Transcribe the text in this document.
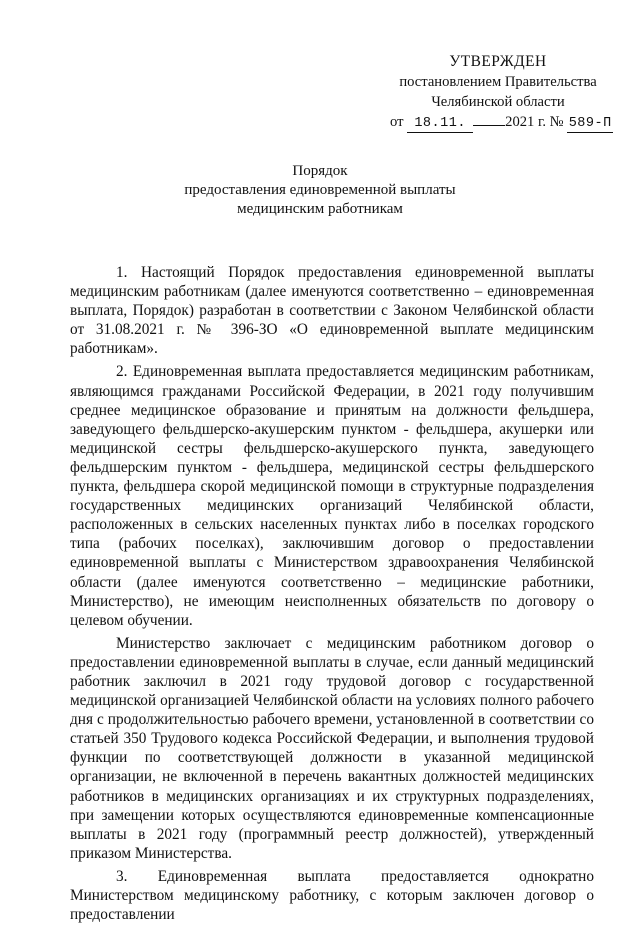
УТВЕРЖДЕН
постановлением Правительства
Челябинской области
от 18.11.	2021 г. № 589-П
Порядок
предоставления единовременной выплаты
медицинским работникам

1. Настоящий Порядок предоставления единовременной выплаты медицинским работникам (далее именуются соответственно – единовременная выплата, Порядок) разработан в соответствии с Законом Челябинской области от 31.08.2021 г. № 396-ЗО «О единовременной выплате медицинским работникам».

2. Единовременная выплата предоставляется медицинским работникам, являющимся гражданами Российской Федерации, в 2021 году получившим среднее медицинское образование и принятым на должности фельдшера, заведующего фельдшерско-акушерским пунктом - фельдшера, акушерки или медицинской сестры фельдшерско-акушерского пункта, заведующего фельдшерским пунктом - фельдшера, медицинской сестры фельдшерского пункта, фельдшера скорой медицинской помощи в структурные подразделения государственных медицинских организаций Челябинской области, расположенных в сельских населенных пунктах либо в поселках городского типа (рабочих поселках), заключившим договор о предоставлении единовременной выплаты с Министерством здравоохранения Челябинской области (далее именуются соответственно – медицинские работники, Министерство), не имеющим неисполненных обязательств по договору о целевом обучении.

Министерство заключает с медицинским работником договор о предоставлении единовременной выплаты в случае, если данный медицинский работник заключил в 2021 году трудовой договор с государственной медицинской организацией Челябинской области на условиях полного рабочего дня с продолжительностью рабочего времени, установленной в соответствии со статьей 350 Трудового кодекса Российской Федерации, и выполнения трудовой функции по соответствующей должности в указанной медицинской организации, не включенной в перечень вакантных должностей медицинских работников в медицинских организациях и их структурных подразделениях, при замещении которых осуществляются единовременные компенсационные выплаты в 2021 году (программный реестр должностей), утвержденный приказом Министерства.

3. Единовременная выплата предоставляется однократно Министерством медицинскому работнику, с которым заключен договор о предоставлении
